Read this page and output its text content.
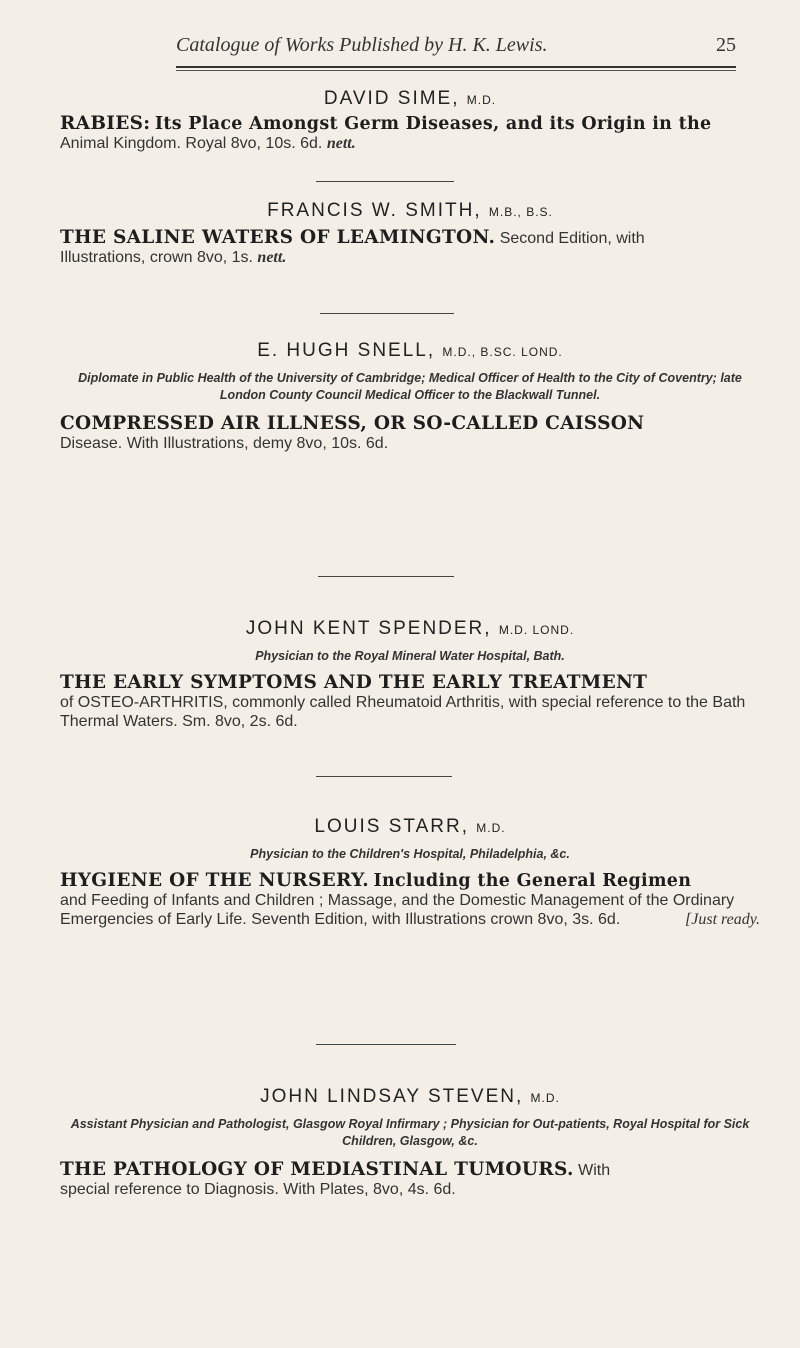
Catalogue of Works Published by H. K. Lewis.	25

DAVID SIME, M.D.

RABIES: Its Place Amongst Germ Diseases, and its Origin in the
Animal Kingdom. Royal 8vo, 10s. 6d. nett.

FRANCIS W. SMITH, M.B., B.S.

THE SALINE WATERS OF LEAMINGTON. Second Edition, with
Illustrations, crown 8vo, 1s. nett.

E. HUGH SNELL, M.D., B.SC. LOND.

Diplomate in Public Health of the University of Cambridge; Medical Officer of Health to the City of Coventry; late London County Council Medical Officer to the Blackwall Tunnel.

COMPRESSED AIR ILLNESS, OR SO-CALLED CAISSON
Disease. With Illustrations, demy 8vo, 10s. 6d.

JOHN KENT SPENDER, M.D. LOND.

Physician to the Royal Mineral Water Hospital, Bath.

THE EARLY SYMPTOMS AND THE EARLY TREATMENT
of OSTEO-ARTHRITIS, commonly called Rheumatoid Arthritis, with special reference to the Bath Thermal Waters. Sm. 8vo, 2s. 6d.

LOUIS STARR, M.D.

Physician to the Children's Hospital, Philadelphia, &c.

HYGIENE OF THE NURSERY. Including the General Regimen
and Feeding of Infants and Children ; Massage, and the Domestic Management of the Ordinary Emergencies of Early Life. Seventh Edition, with Illustrations crown 8vo, 3s. 6d.	[Just ready.

JOHN LINDSAY STEVEN, M.D.

Assistant Physician and Pathologist, Glasgow Royal Infirmary ; Physician for Out-patients, Royal Hospital for Sick Children, Glasgow, &c.

THE PATHOLOGY OF MEDIASTINAL TUMOURS. With
special reference to Diagnosis. With Plates, 8vo, 4s. 6d.
